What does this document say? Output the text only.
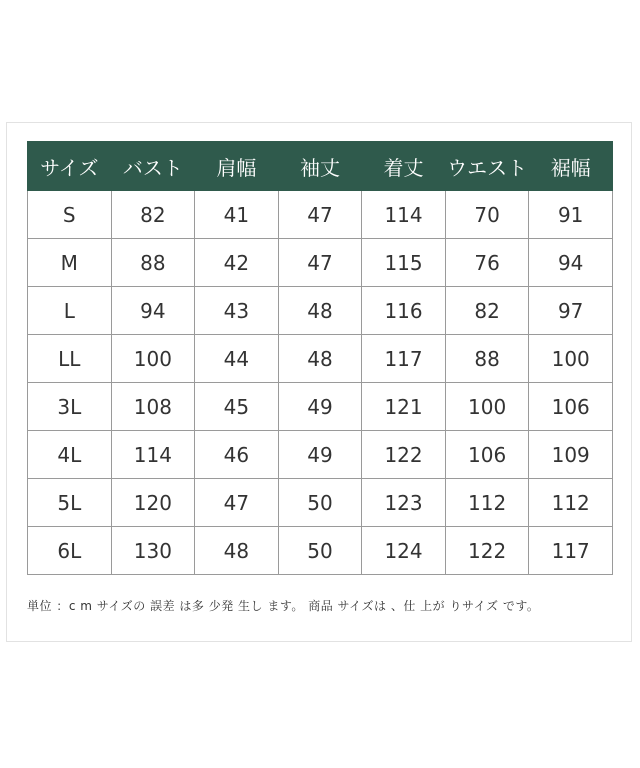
サイズ	バスト	肩幅	袖丈	着丈	ウエスト	裾幅
S	82	41	47	114	70	91
M	88	42	47	115	76	94
L	94	43	48	116	82	97
LL	100	44	48	117	88	100
3L	108	45	49	121	100	106
4L	114	46	49	122	106	109
5L	120	47	50	123	112	112
6L	130	48	50	124	122	117
単位 ：c m サイズの 誤差 は多 少発 生し ます。 商品 サイズは 、仕 上が りサイズ です。
